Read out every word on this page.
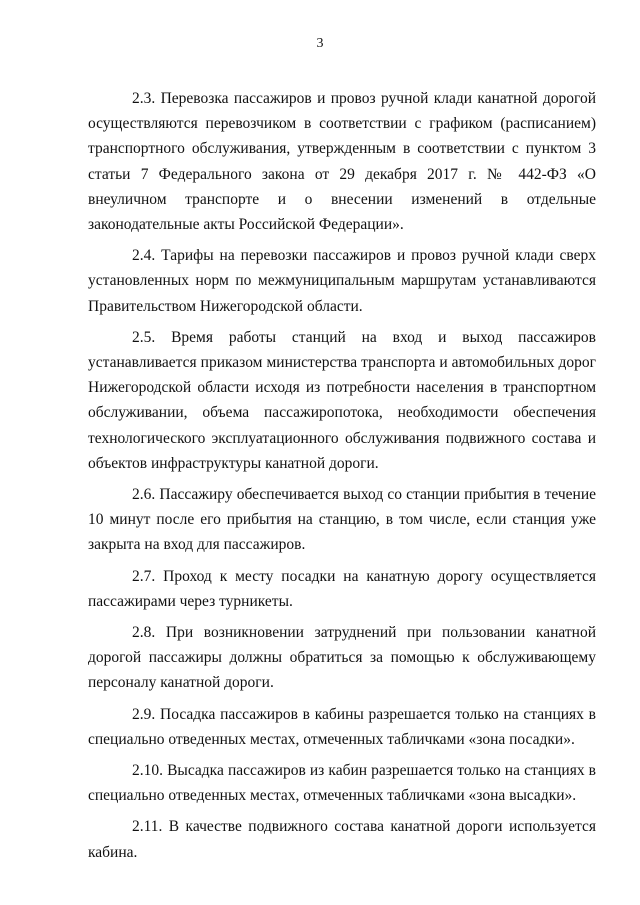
3

2.3. Перевозка пассажиров и провоз ручной клади канатной дорогой осуществляются перевозчиком в соответствии с графиком (расписанием) транспортного обслуживания, утвержденным в соответствии с пунктом 3 статьи 7 Федерального закона от 29 декабря 2017 г. № 442-ФЗ «О внеуличном транспорте и о внесении изменений в отдельные законодательные акты Российской Федерации».

2.4. Тарифы на перевозки пассажиров и провоз ручной клади сверх установленных норм по межмуниципальным маршрутам устанавливаются Правительством Нижегородской области.

2.5. Время работы станций на вход и выход пассажиров устанавливается приказом министерства транспорта и автомобильных дорог Нижегородской области исходя из потребности населения в транспортном обслуживании, объема пассажиропотока, необходимости обеспечения технологического эксплуатационного обслуживания подвижного состава и объектов инфраструктуры канатной дороги.

2.6. Пассажиру обеспечивается выход со станции прибытия в течение 10 минут после его прибытия на станцию, в том числе, если станция уже закрыта на вход для пассажиров.

2.7. Проход к месту посадки на канатную дорогу осуществляется пассажирами через турникеты.

2.8. При возникновении затруднений при пользовании канатной дорогой пассажиры должны обратиться за помощью к обслуживающему персоналу канатной дороги.

2.9. Посадка пассажиров в кабины разрешается только на станциях в специально отведенных местах, отмеченных табличками «зона посадки».

2.10. Высадка пассажиров из кабин разрешается только на станциях в специально отведенных местах, отмеченных табличками «зона высадки».

2.11. В качестве подвижного состава канатной дороги используется кабина.
